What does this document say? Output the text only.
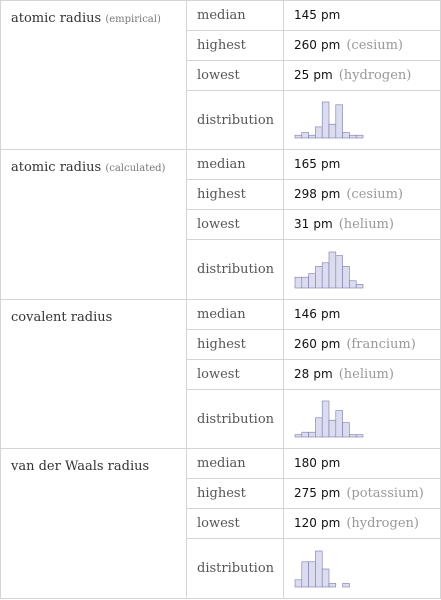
atomic radius (empirical)	median	145 pm
	highest	260 pm (cesium)
	lowest	25 pm (hydrogen)
	distribution	

atomic radius (calculated)	median	165 pm
	highest	298 pm (cesium)
	lowest	31 pm (helium)
	distribution	

covalent radius	median	146 pm
	highest	260 pm (francium)
	lowest	28 pm (helium)
	distribution	

van der Waals radius	median	180 pm
	highest	275 pm (potassium)
	lowest	120 pm (hydrogen)
	distribution	
